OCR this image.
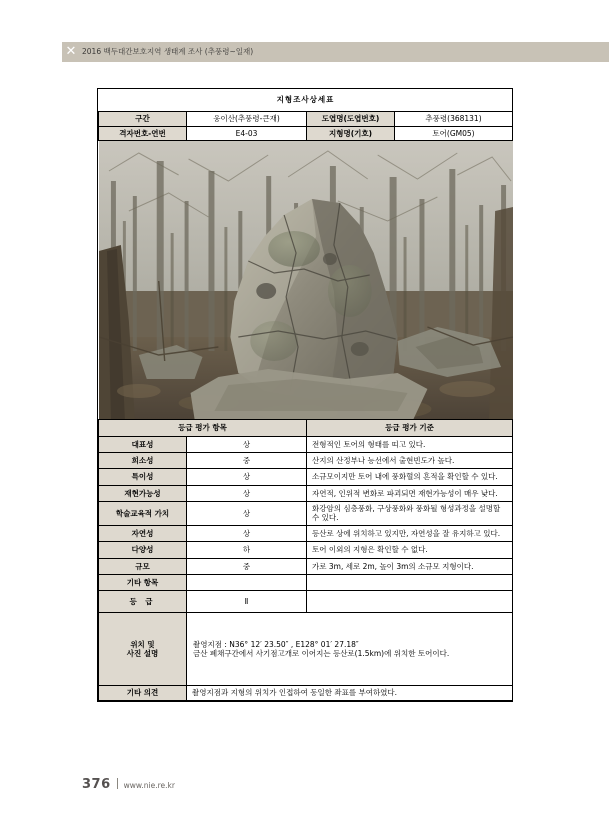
✕ 2016 백두대간보호지역 생태계 조사 (추풍령~일재)
지형조사상세표			
구간	웅이산(추풍령-큰재)	도엽명(도엽번호)	추풍령(368131)
격자번호-연번	E4-03	지형명(기호)	토어(GM05)

등급 평가 항목		등급 평가 기준	
대표성	상	전형적인 토어의 형태를 띠고 있다.	
희소성	중	산지의 산정부나 능선에서 출현빈도가 높다.	
특이성	상	소규모이지만 토어 내에 풍화혈의 흔적을 확인할 수 있다.	
재현가능성	상	자연적, 인위적 변화로 파괴되면 재현가능성이 매우 낮다.	
학술교육적 가치	상	화강암의 심층풍화, 구상풍화와 풍화될 형성과정을 설명할 수 있다.	
자연성	상	등산로 상에 위치하고 있지만, 자연성을 잘 유지하고 있다.	
다양성	하	토어 이외의 지형은 확인할 수 없다.	
규모	중	가로 3m, 세로 2m, 높이 3m의 소규모 지형이다.	
기타 항목			
등 급	Ⅱ		
위치 및
사진 설명	
촬영지점 : N36° 12′ 23.50″ , E128° 01′ 27.18″
금산 폐채구간에서 사기점고개로 이어지는 등산로(1.5km)에 위치한 토어이다.

기타 의견	촬영지점과 지형의 위치가 인접하여 동일한 좌표를 부여하였다.		
376 www.nie.re.kr
